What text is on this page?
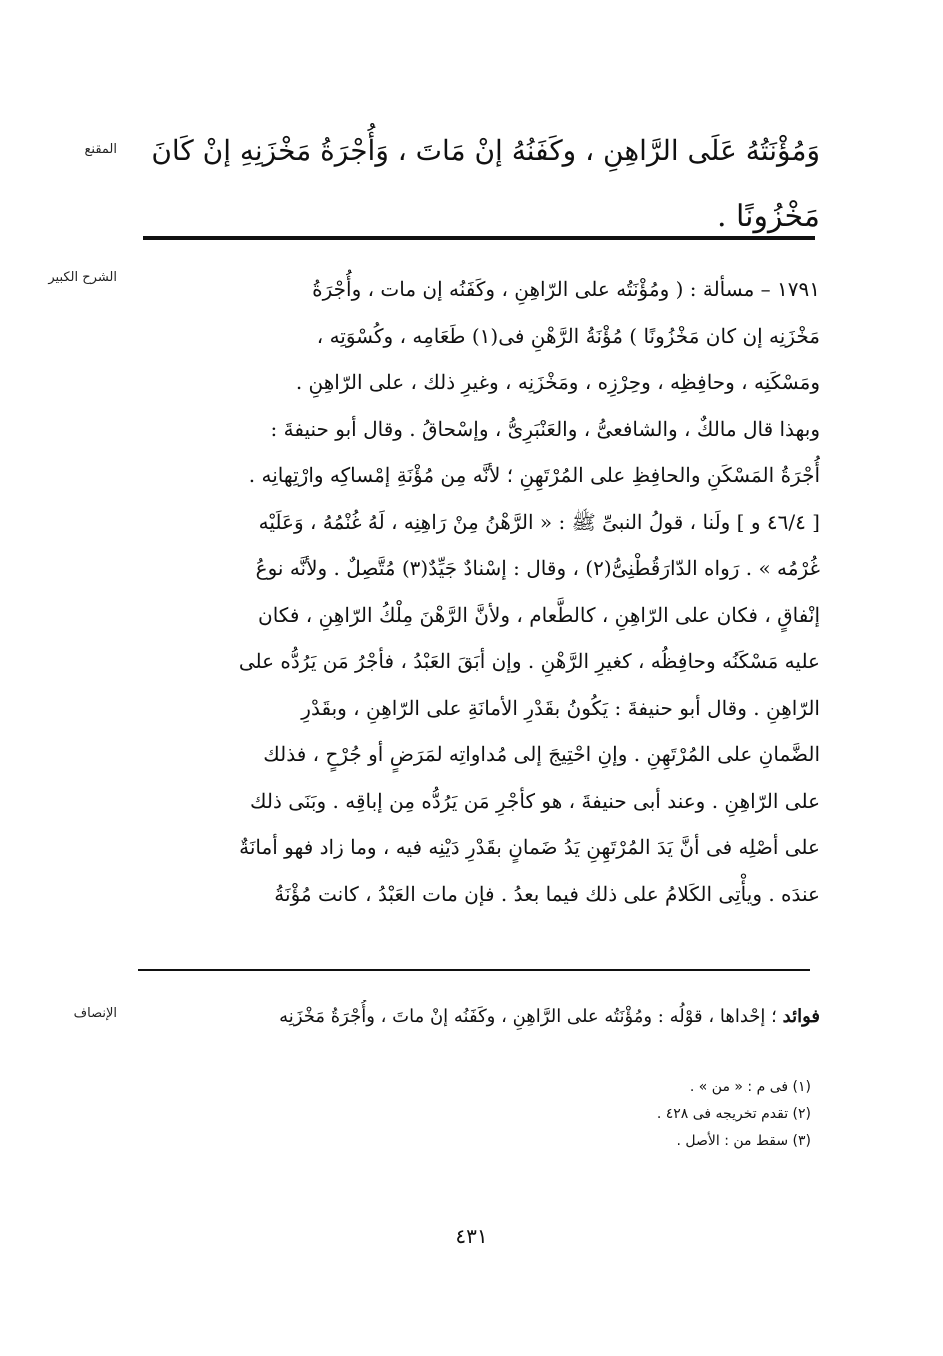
المقنع	وَمُؤْنَتُهُ عَلَى الرَّاهِنِ ، وكَفَنُهُ إنْ مَاتَ ، وَأُجْرَةُ مَخْزَنِهِ إنْ كَانَ
مَخْزُونًا .
الشرح الكبير	١٧٩١ – مسألة : ( ومُؤْنَتُه على الرّاهِنِ ، وكَفَنُه إن مات ، وأُجْرَةُ
مَخْزَنِه إن كان مَخْزُونًا ) مُؤْنَةُ الرَّهْنِ فى(١) طَعَامِه ، وكُسْوَتِه ،
ومَسْكَنِه ، وحافِظِه ، وحِرْزِه ، ومَخْزَنِه ، وغيرِ ذلك ، على الرّاهِنِ .
وبهذا قال مالكٌ ، والشافعىُّ ، والعَنْبَرِىُّ ، وإسْحاقُ . وقال أبو حنيفةَ :
أُجْرَةُ المَسْكَنِ والحافِظِ على المُرْتَهِنِ ؛ لأنَّه مِن مُؤْنَةِ إمْساكِه وارْتِهانِه .
[ ٤٦/٤ و ] ولَنا ، قولُ النبىِّ ﷺ : « الرَّهْنُ مِنْ رَاهِنِه ، لَهُ غُنْمُهُ ، وَعَلَيْه
غُرْمُه » . رَواه الدّارَقُطْنِىُّ(٢) ، وقال : إسْنادٌ جَيِّدٌ(٣) مُتَّصِلٌ . ولأنَّه نوعُ
إنْفاقٍ ، فكان على الرّاهِنِ ، كالطَّعام ، ولأنَّ الرَّهْنَ مِلْكُ الرّاهِنِ ، فكان
عليه مَسْكَنُه وحافِظُه ، كغيرِ الرَّهْنِ . وإن أبَقَ العَبْدُ ، فأجْرُ مَن يَرُدُّه على
الرّاهِنِ . وقال أبو حنيفةَ : يَكُونُ بقَدْرِ الأمانَةِ على الرّاهِنِ ، وبقَدْرِ
الضَّمانِ على المُرْتَهِنِ . وإنِ احْتِيجَ إلى مُداواتِه لمَرَضٍ أو جُرْحٍ ، فذلك
على الرّاهِنِ . وعند أبى حنيفةَ ، هو كأجْرِ مَن يَرُدُّه مِن إباقِه . وبَنَى ذلك
على أصْلِه فى أنَّ يَدَ المُرْتَهِنِ يَدُ ضَمانٍ بقَدْرِ دَيْنِه فيه ، وما زاد فهو أمانَةٌ
عندَه . ويأْتِى الكَلامُ على ذلك فيما بعدُ . فإن مات العَبْدُ ، كانت مُؤْنَةُ
الإنصاف	فوائد ؛ إحْداها ، قوْلُه : ومُؤْنَتُه على الرَّاهِنِ ، وكَفَنُه إنْ ماتَ ، وأُجْرَةُ مَخْزَنِه
(١) فى م : « من » .
(٢) تقدم تخريجه فى ٤٢٨ .
(٣) سقط من : الأصل .
٤٣١
